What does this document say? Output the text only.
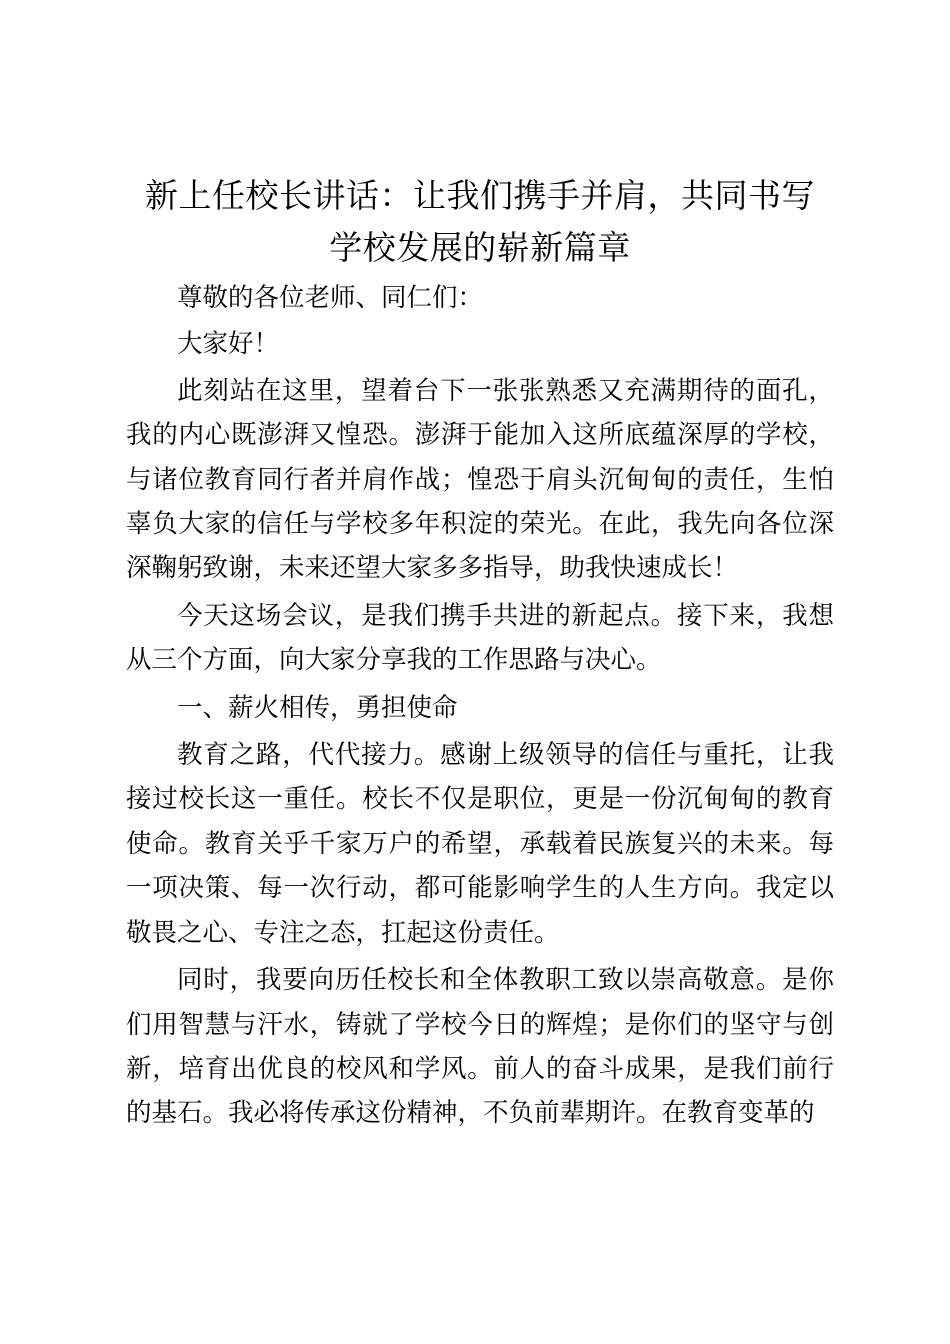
新上任校长讲话：让我们携手并肩，共同书写
学校发展的崭新篇章

尊敬的各位老师、同仁们：

大家好！

此刻站在这里，望着台下一张张熟悉又充满期待的面孔，我的内心既澎湃又惶恐。澎湃于能加入这所底蕴深厚的学校，与诸位教育同行者并肩作战；惶恐于肩头沉甸甸的责任，生怕辜负大家的信任与学校多年积淀的荣光。在此，我先向各位深深鞠躬致谢，未来还望大家多多指导，助我快速成长！

今天这场会议，是我们携手共进的新起点。接下来，我想从三个方面，向大家分享我的工作思路与决心。

一、薪火相传，勇担使命

教育之路，代代接力。感谢上级领导的信任与重托，让我接过校长这一重任。校长不仅是职位，更是一份沉甸甸的教育使命。教育关乎千家万户的希望，承载着民族复兴的未来。每一项决策、每一次行动，都可能影响学生的人生方向。我定以敬畏之心、专注之态，扛起这份责任。

同时，我要向历任校长和全体教职工致以崇高敬意。是你们用智慧与汗水，铸就了学校今日的辉煌；是你们的坚守与创新，培育出优良的校风和学风。前人的奋斗成果，是我们前行的基石。我必将传承这份精神，不负前辈期许。在教育变革的
